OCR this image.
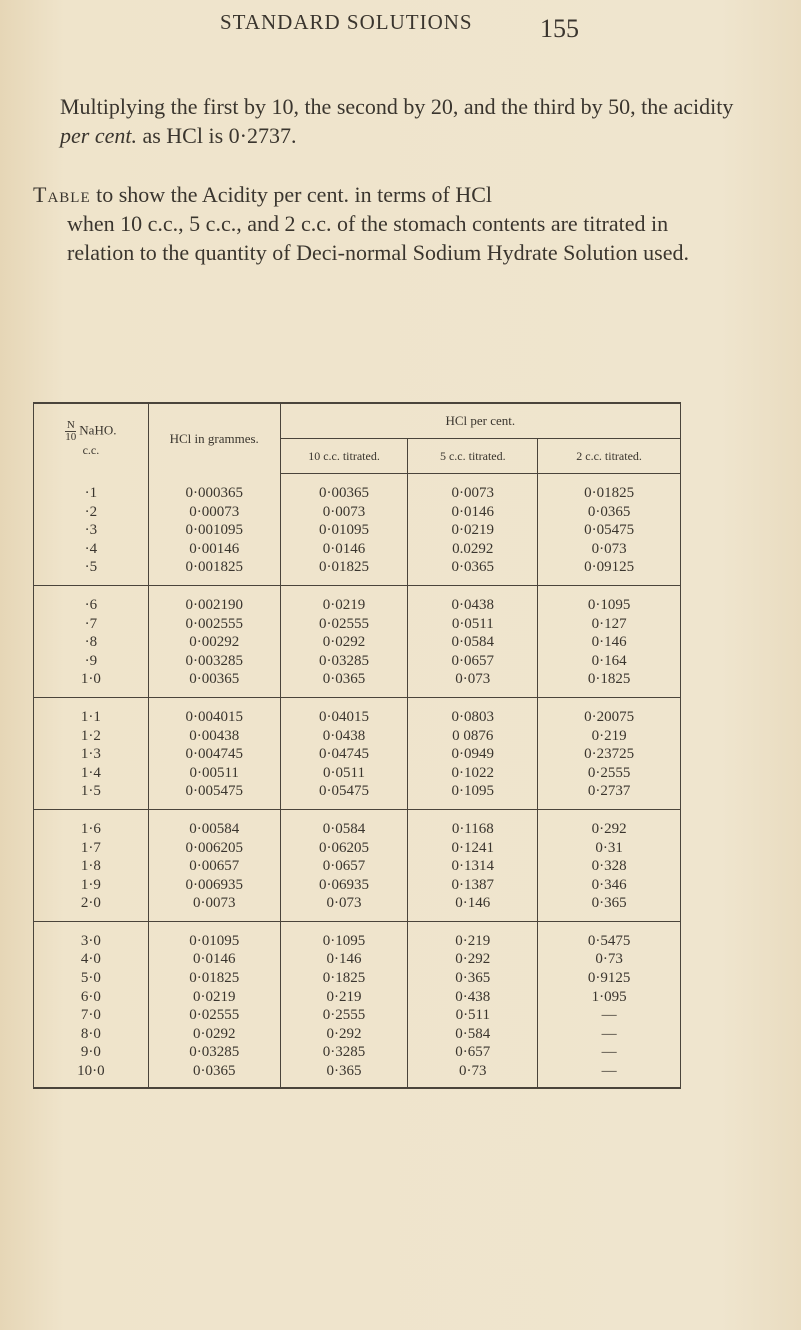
STANDARD SOLUTIONS	155
Multiplying the first by 10, the second by 20, and the third by 50, the acidity per cent. as HCl is 0·2737.
Table to show the Acidity per cent. in terms of HCl
when 10 c.c., 5 c.c., and 2 c.c. of the stomach contents are titrated in relation to the quantity of Deci-normal Sodium Hydrate Solution used.
$\frac{N}{10}$ NaHO.
c.c.	HCl in grammes.	HCl per cent.		
		10 c.c. titrated.	5 c.c. titrated.	2 c.c. titrated.
·1	0·000365	0·00365	0·0073	0·01825
·2	0·00073	0·0073	0·0146	0·0365
·3	0·001095	0·01095	0·0219	0·05475
·4	0·00146	0·0146	0.0292	0·073
·5	0·001825	0·01825	0·0365	0·09125
·6	0·002190	0·0219	0·0438	0·1095
·7	0·002555	0·02555	0·0511	0·127
·8	0·00292	0·0292	0·0584	0·146
·9	0·003285	0·03285	0·0657	0·164
1·0	0·00365	0·0365	0·073	0·1825
1·1	0·004015	0·04015	0·0803	0·20075
1·2	0·00438	0·0438	0 0876	0·219
1·3	0·004745	0·04745	0·0949	0·23725
1·4	0·00511	0·0511	0·1022	0·2555
1·5	0·005475	0·05475	0·1095	0·2737
1·6	0·00584	0·0584	0·1168	0·292
1·7	0·006205	0·06205	0·1241	0·31
1·8	0·00657	0·0657	0·1314	0·328
1·9	0·006935	0·06935	0·1387	0·346
2·0	0·0073	0·073	0·146	0·365
3·0	0·01095	0·1095	0·219	0·5475
4·0	0·0146	0·146	0·292	0·73
5·0	0·01825	0·1825	0·365	0·9125
6·0	0·0219	0·219	0·438	1·095
7·0	0·02555	0·2555	0·511	—
8·0	0·0292	0·292	0·584	—
9·0	0·03285	0·3285	0·657	—
10·0	0·0365	0·365	0·73	—
